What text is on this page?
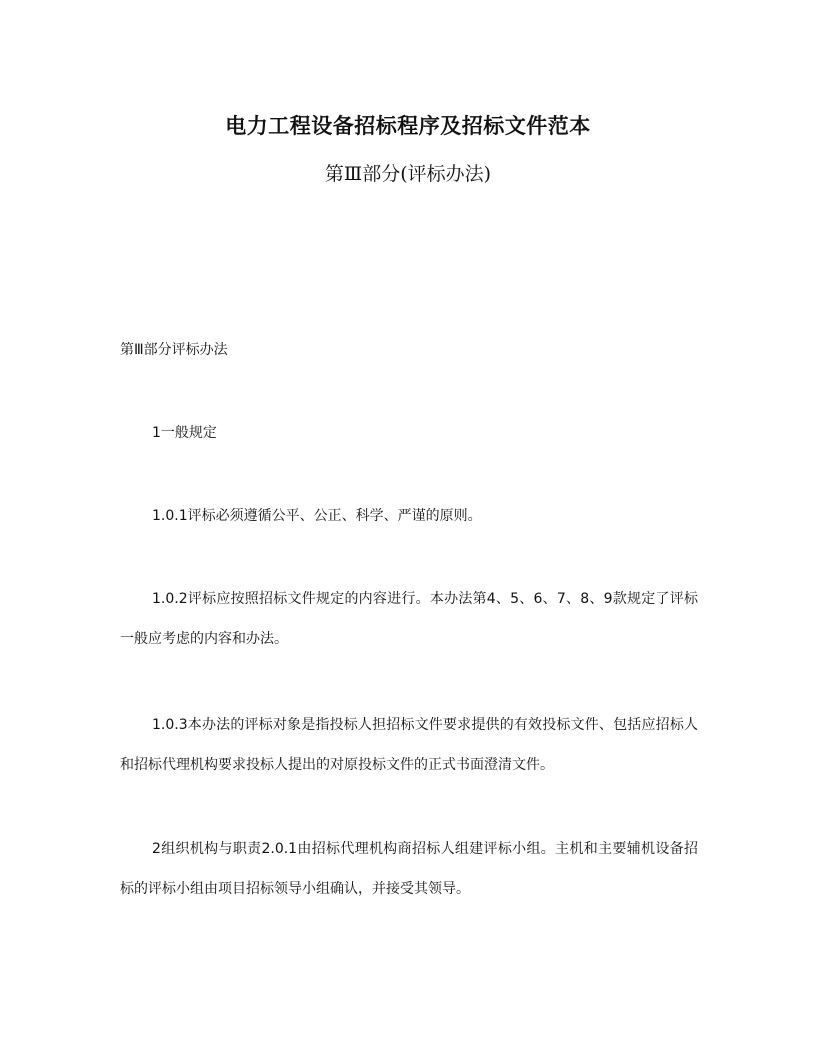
电力工程设备招标程序及招标文件范本
第Ⅲ部分(评标办法)
第Ⅲ部分评标办法

1一般规定

1.0.1评标必须遵循公平、公正、科学、严谨的原则。

1.0.2评标应按照招标文件规定的内容进行。本办法第4、5、6、7、8、9款规定了评标一般应考虑的内容和办法。

1.0.3本办法的评标对象是指投标人担招标文件要求提供的有效投标文件、包括应招标人和招标代理机构要求投标人提出的对原投标文件的正式书面澄清文件。

2组织机构与职责2.0.1由招标代理机构商招标人组建评标小组。主机和主要辅机设备招标的评标小组由项目招标领导小组确认，并接受其领导。
